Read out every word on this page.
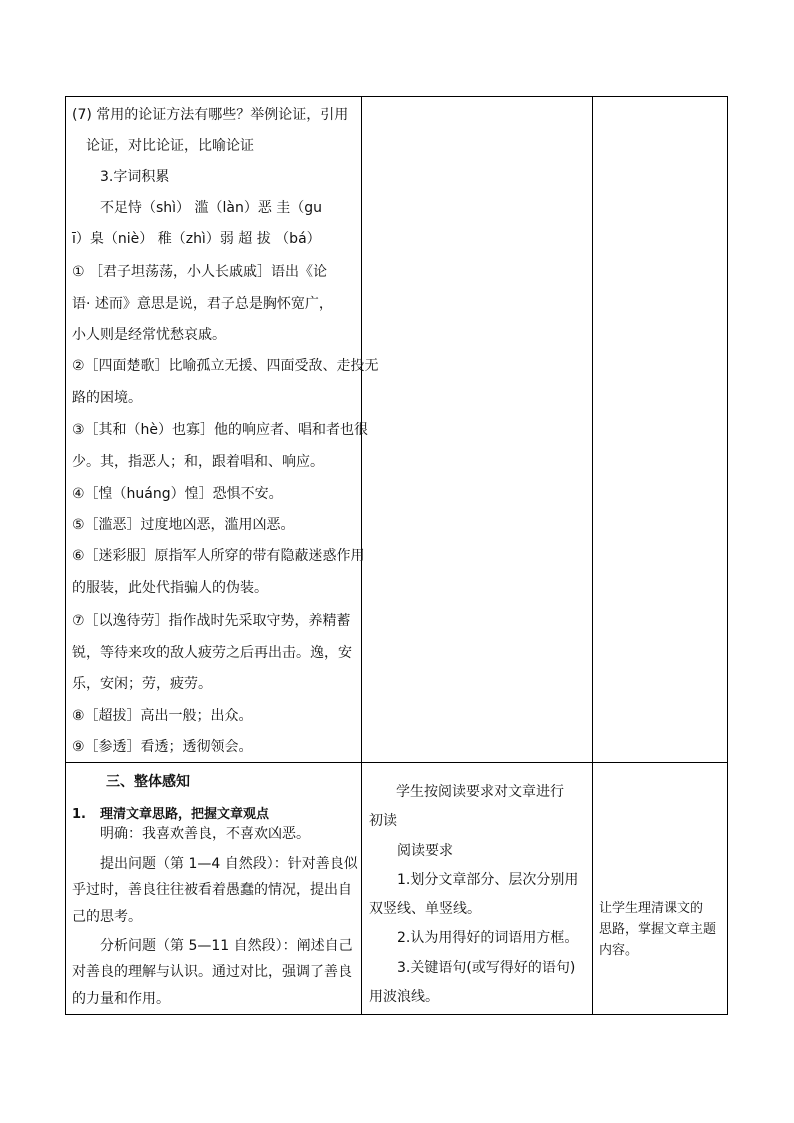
(7) 常用的论证方法有哪些？举例论证，引用
论证，对比论证，比喻论证
3.字词积累
不足恃（shì） 滥（làn）恶 圭（gu
ī）臬（niè） 稚（zhì）弱 超 拔 （bá）
① ［君子坦荡荡，小人长戚戚］语出《论
语· 述而》意思是说，君子总是胸怀宽广，
小人则是经常忧愁哀戚。
②［四面楚歌］比喻孤立无援、四面受敌、走投无
路的困境。
③［其和（hè）也寡］他的响应者、唱和者也很
少。其，指恶人；和，跟着唱和、响应。
④［惶（huáng）惶］恐惧不安。
⑤［滥恶］过度地凶恶，滥用凶恶。
⑥［迷彩服］原指军人所穿的带有隐蔽迷惑作用
的服装，此处代指骗人的伪装。
⑦［以逸待劳］指作战时先采取守势，养精蓄
锐，等待来攻的敌人疲劳之后再出击。逸，安
乐，安闲；劳，疲劳。
⑧［超拔］高出一般；出众。
⑨［参透］看透；透彻领会。
三、整体感知
1. 理清文章思路，把握文章观点
明确：我喜欢善良，不喜欢凶恶。
提出问题（第 1—4 自然段）：针对善良似
乎过时，善良往往被看着愚蠢的情况，提出自
己的思考。
分析问题（第 5—11 自然段）：阐述自己
对善良的理解与认识。通过对比，强调了善良
的力量和作用。
学生按阅读要求对文章进行
初读
阅读要求
1.划分文章部分、层次分别用
双竖线、单竖线。
2.认为用得好的词语用方框。
3.关键语句(或写得好的语句)
用波浪线。
让学生理清课文的
思路，掌握文章主题
内容。
